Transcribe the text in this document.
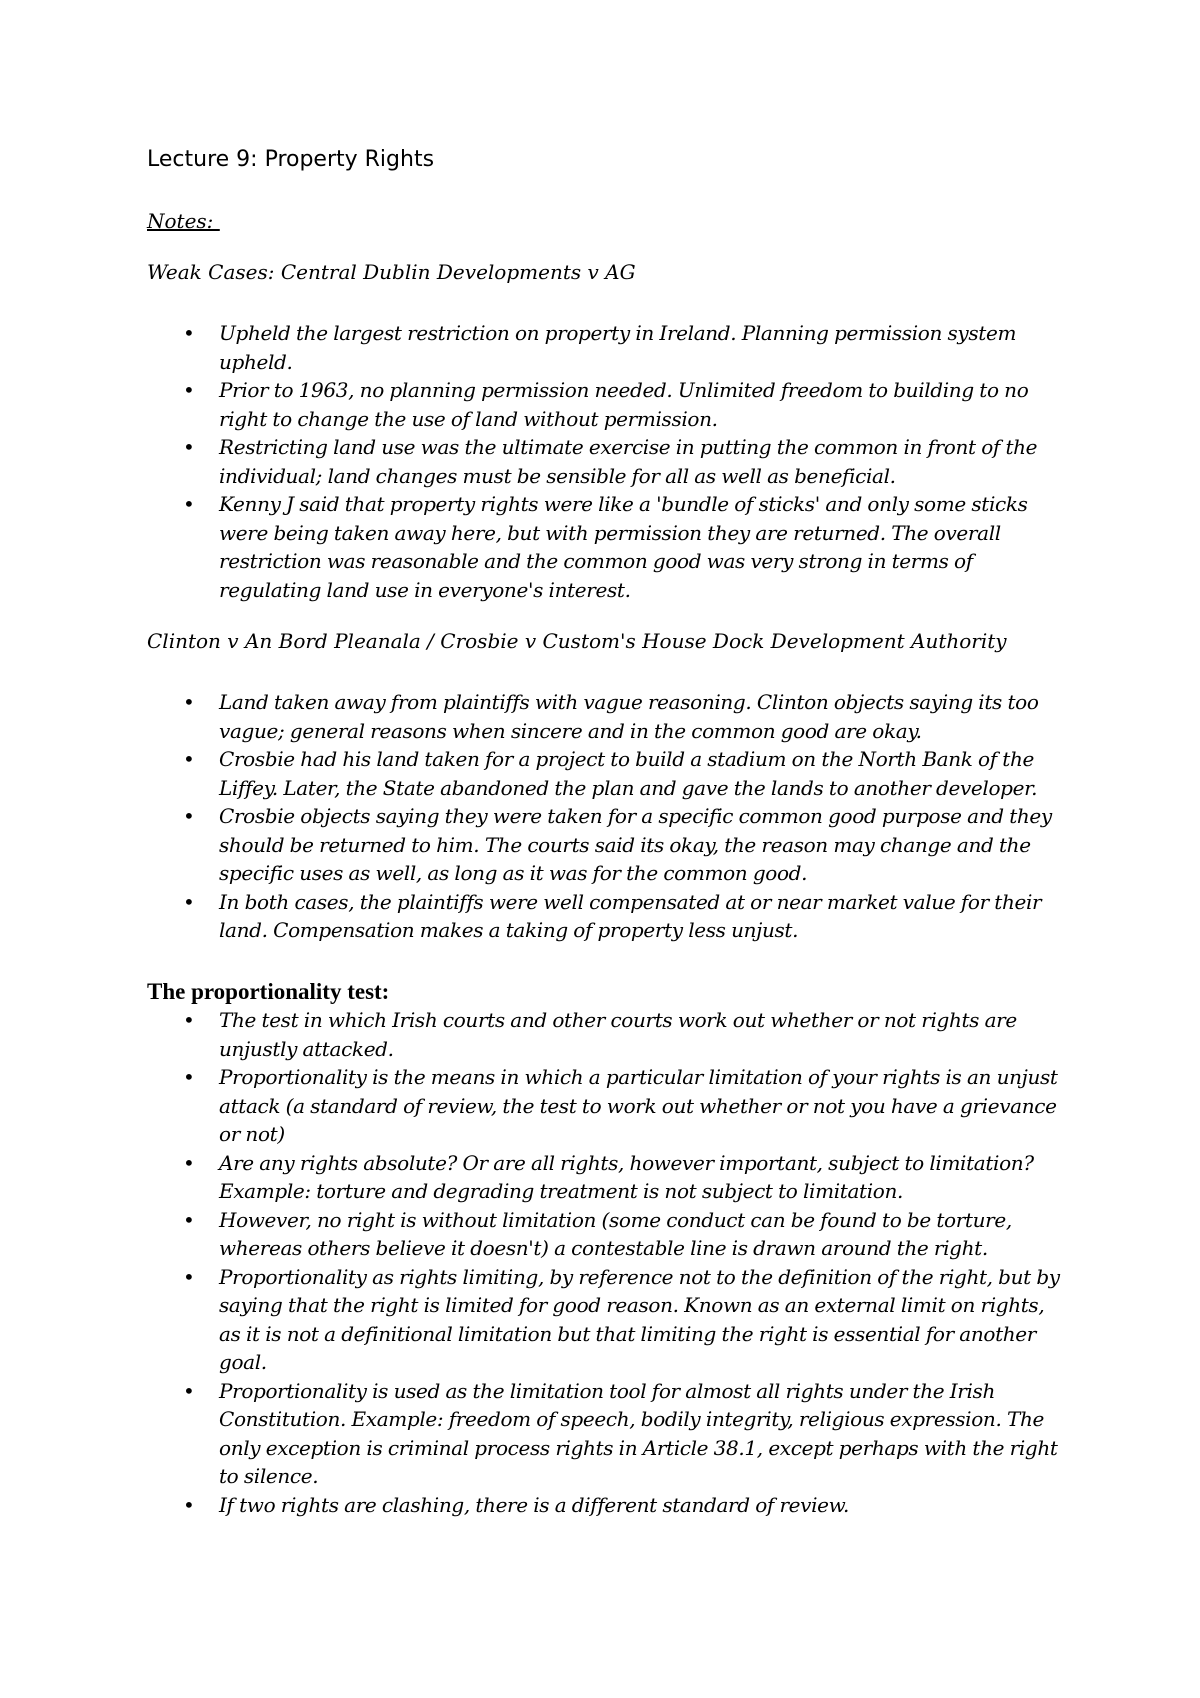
Lecture 9: Property Rights
Notes:
Weak Cases: Central Dublin Developments v AG
• Upheld the largest restriction on property in Ireland. Planning permission system upheld.
• Prior to 1963, no planning permission needed. Unlimited freedom to building to no right to change the use of land without permission.
• Restricting land use was the ultimate exercise in putting the common in front of the individual; land changes must be sensible for all as well as beneficial.
• Kenny J said that property rights were like a 'bundle of sticks' and only some sticks were being taken away here, but with permission they are returned. The overall restriction was reasonable and the common good was very strong in terms of regulating land use in everyone's interest.
Clinton v An Bord Pleanala / Crosbie v Custom's House Dock Development Authority
• Land taken away from plaintiffs with vague reasoning. Clinton objects saying its too vague; general reasons when sincere and in the common good are okay.
• Crosbie had his land taken for a project to build a stadium on the North Bank of the Liffey. Later, the State abandoned the plan and gave the lands to another developer.
• Crosbie objects saying they were taken for a specific common good purpose and they should be returned to him. The courts said its okay, the reason may change and the specific uses as well, as long as it was for the common good.
• In both cases, the plaintiffs were well compensated at or near market value for their land. Compensation makes a taking of property less unjust.
The proportionality test:
• The test in which Irish courts and other courts work out whether or not rights are unjustly attacked.
• Proportionality is the means in which a particular limitation of your rights is an unjust attack (a standard of review, the test to work out whether or not you have a grievance or not)
• Are any rights absolute? Or are all rights, however important, subject to limitation? Example: torture and degrading treatment is not subject to limitation.
• However, no right is without limitation (some conduct can be found to be torture, whereas others believe it doesn't) a contestable line is drawn around the right.
• Proportionality as rights limiting, by reference not to the definition of the right, but by saying that the right is limited for good reason. Known as an external limit on rights, as it is not a definitional limitation but that limiting the right is essential for another goal.
• Proportionality is used as the limitation tool for almost all rights under the Irish Constitution. Example: freedom of speech, bodily integrity, religious expression. The only exception is criminal process rights in Article 38.1, except perhaps with the right to silence.
• If two rights are clashing, there is a different standard of review.
